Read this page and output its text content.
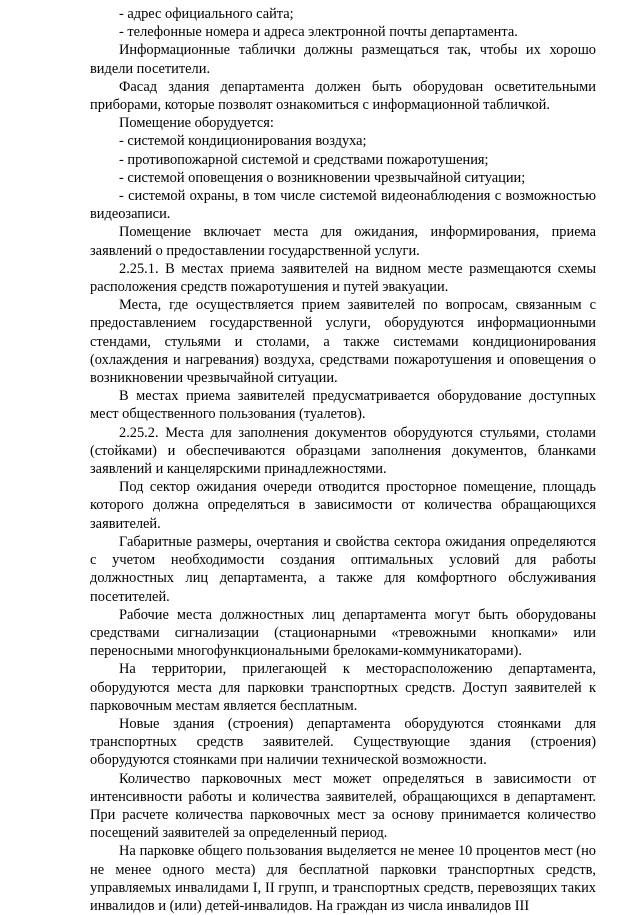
- адрес официального сайта;

- телефонные номера и адреса электронной почты департамента.

Информационные таблички должны размещаться так, чтобы их хорошо видели посетители.

Фасад здания департамента должен быть оборудован осветительными приборами, которые позволят ознакомиться с информационной табличкой.

Помещение оборудуется:

- системой кондиционирования воздуха;

- противопожарной системой и средствами пожаротушения;

- системой оповещения о возникновении чрезвычайной ситуации;

- системой охраны, в том числе системой видеонаблюдения с возможностью видеозаписи.

Помещение включает места для ожидания, информирования, приема заявлений о предоставлении государственной услуги.

2.25.1. В местах приема заявителей на видном месте размещаются схемы расположения средств пожаротушения и путей эвакуации.

Места, где осуществляется прием заявителей по вопросам, связанным с предоставлением государственной услуги, оборудуются информационными стендами, стульями и столами, а также системами кондиционирования (охлаждения и нагревания) воздуха, средствами пожаротушения и оповещения о возникновении чрезвычайной ситуации.

В местах приема заявителей предусматривается оборудование доступных мест общественного пользования (туалетов).

2.25.2. Места для заполнения документов оборудуются стульями, столами (стойками) и обеспечиваются образцами заполнения документов, бланками заявлений и канцелярскими принадлежностями.

Под сектор ожидания очереди отводится просторное помещение, площадь которого должна определяться в зависимости от количества обращающихся заявителей.

Габаритные размеры, очертания и свойства сектора ожидания определяются с учетом необходимости создания оптимальных условий для работы должностных лиц департамента, а также для комфортного обслуживания посетителей.

Рабочие места должностных лиц департамента могут быть оборудованы средствами сигнализации (стационарными «тревожными кнопками» или переносными многофункциональными брелоками-коммуникаторами).

На территории, прилегающей к месторасположению департамента, оборудуются места для парковки транспортных средств. Доступ заявителей к парковочным местам является бесплатным.

Новые здания (строения) департамента оборудуются стоянками для транспортных средств заявителей. Существующие здания (строения) оборудуются стоянками при наличии технической возможности.

Количество парковочных мест может определяться в зависимости от интенсивности работы и количества заявителей, обращающихся в департамент. При расчете количества парковочных мест за основу принимается количество посещений заявителей за определенный период.

На парковке общего пользования выделяется не менее 10 процентов мест (но не менее одного места) для бесплатной парковки транспортных средств, управляемых инвалидами I, II групп, и транспортных средств, перевозящих таких инвалидов и (или) детей-инвалидов. На граждан из числа инвалидов III
